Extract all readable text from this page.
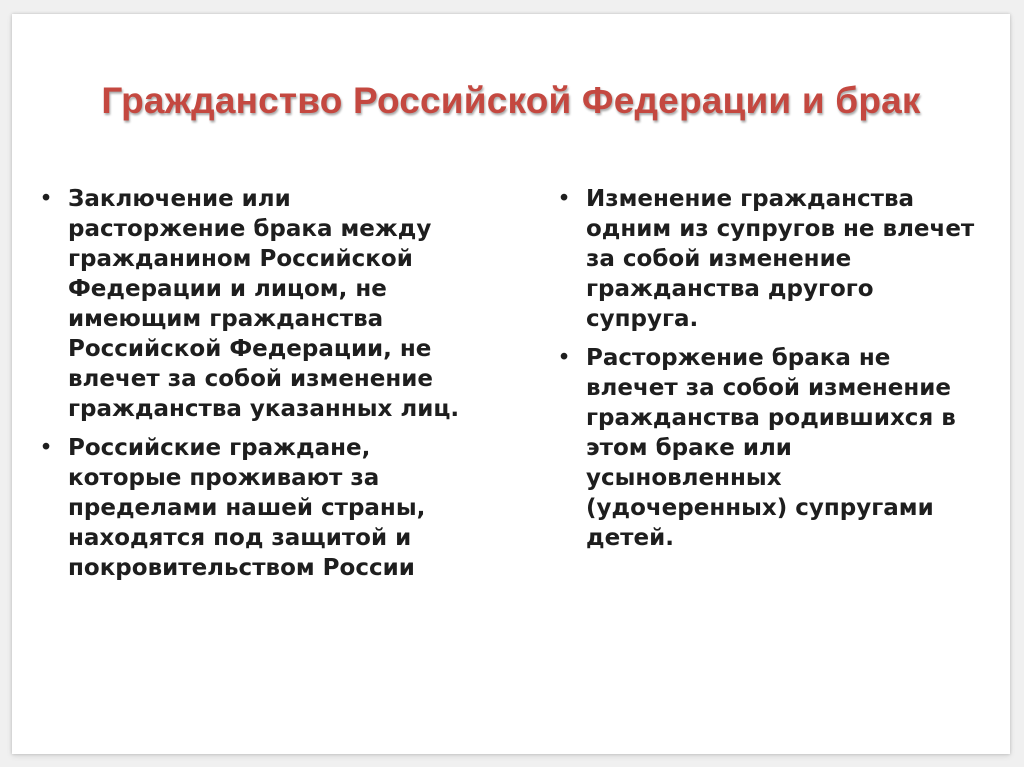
Гражданство Российской Федерации и брак
• Заключение или
расторжение брака между
гражданином Российской
Федерации и лицом, не
имеющим гражданства
Российской Федерации, не
влечет за собой изменение
гражданства указанных лиц.
• Российские граждане,
которые проживают за
пределами нашей страны,
находятся под защитой и
покровительством России
• Изменение гражданства
одним из супругов не влечет
за собой изменение
гражданства другого
супруга.
• Расторжение брака не
влечет за собой изменение
гражданства родившихся в
этом браке или
усыновленных
(удочеренных) супругами
детей.
